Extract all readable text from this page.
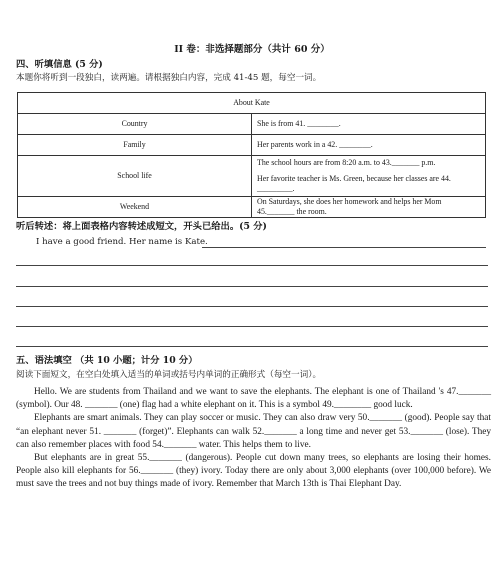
II 卷：非选择题部分（共计 60 分）
四、听填信息 (5 分)
本题你将听到一段独白，读两遍。请根据独白内容，完成 41-45 题，每空一词。
About Kate	
Country	She is from 41. ________.
Family	Her parents work in a 42. ________.
School life	The school hours are from 8:20 a.m. to 43._______ p.m.
Her favorite teacher is Ms. Green, because her classes are 44. _________.

Weekend	On Saturdays, she does her homework and helps her Mom 45._______ the room.
听后转述：将上面表格内容转述成短文，开头已给出。(5 分)
I have a good friend. Her name is Kate.
五、语法填空 （共 10 小题；计分 10 分）
阅读下面短文，在空白处填入适当的单词或括号内单词的正确形式（每空一词）。

Hello. We are students from Thailand and we want to save the elephants. The elephant is one of Thailand 's 47._______ (symbol). Our 48. _______ (one) flag had a white elephant on it. This is a symbol 49.________ good luck.

Elephants are smart animals. They can play soccer or music. They can also draw very 50._______ (good). People say that “an elephant never 51. _______ (forget)”. Elephants can walk 52._______ a long time and never get 53._______ (lose). They can also remember places with food 54._______ water. This helps them to live.

But elephants are in great 55._______ (dangerous). People cut down many trees, so elephants are losing their homes. People also kill elephants for 56._______ (they) ivory. Today there are only about 3,000 elephants (over 100,000 before). We must save the trees and not buy things made of ivory. Remember that March 13th is Thai Elephant Day.
